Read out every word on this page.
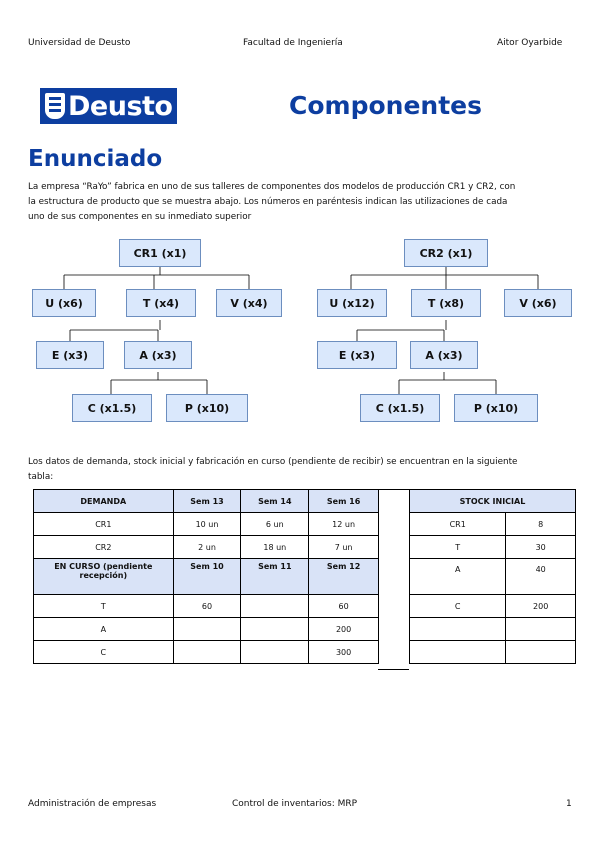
Universidad de Deusto	Facultad de Ingeniería	Aitor Oyarbide
Deusto	Componentes
Enunciado
La empresa “RaYo” fabrica en uno de sus talleres de componentes dos modelos de producción CR1 y CR2, con
la estructura de producto que se muestra abajo. Los números en paréntesis indican las utilizaciones de cada
uno de sus componentes en su inmediato superior
CR1 (x1)
U (x6)	T (x4)	V (x4)
E (x3)	A (x3)
C (x1.5)	P (x10)
CR2 (x1)
U (x12)	T (x8)	V (x6)
E (x3)	A (x3)
C (x1.5)	P (x10)
Los datos de demanda, stock inicial y fabricación en curso (pendiente de recibir) se encuentran en la siguiente
tabla:
DEMANDA	Sem 13	Sem 14	Sem 16
CR1	10 un	6 un	12 un
CR2	2 un	18 un	7 un
EN CURSO (pendiente recepción)	Sem 10	Sem 11	Sem 12
T	60		60
A			200
C			300
STOCK INICIAL	
CR1	8
T	30
A	40
C	200

Administración de empresas	Control de inventarios: MRP	1
